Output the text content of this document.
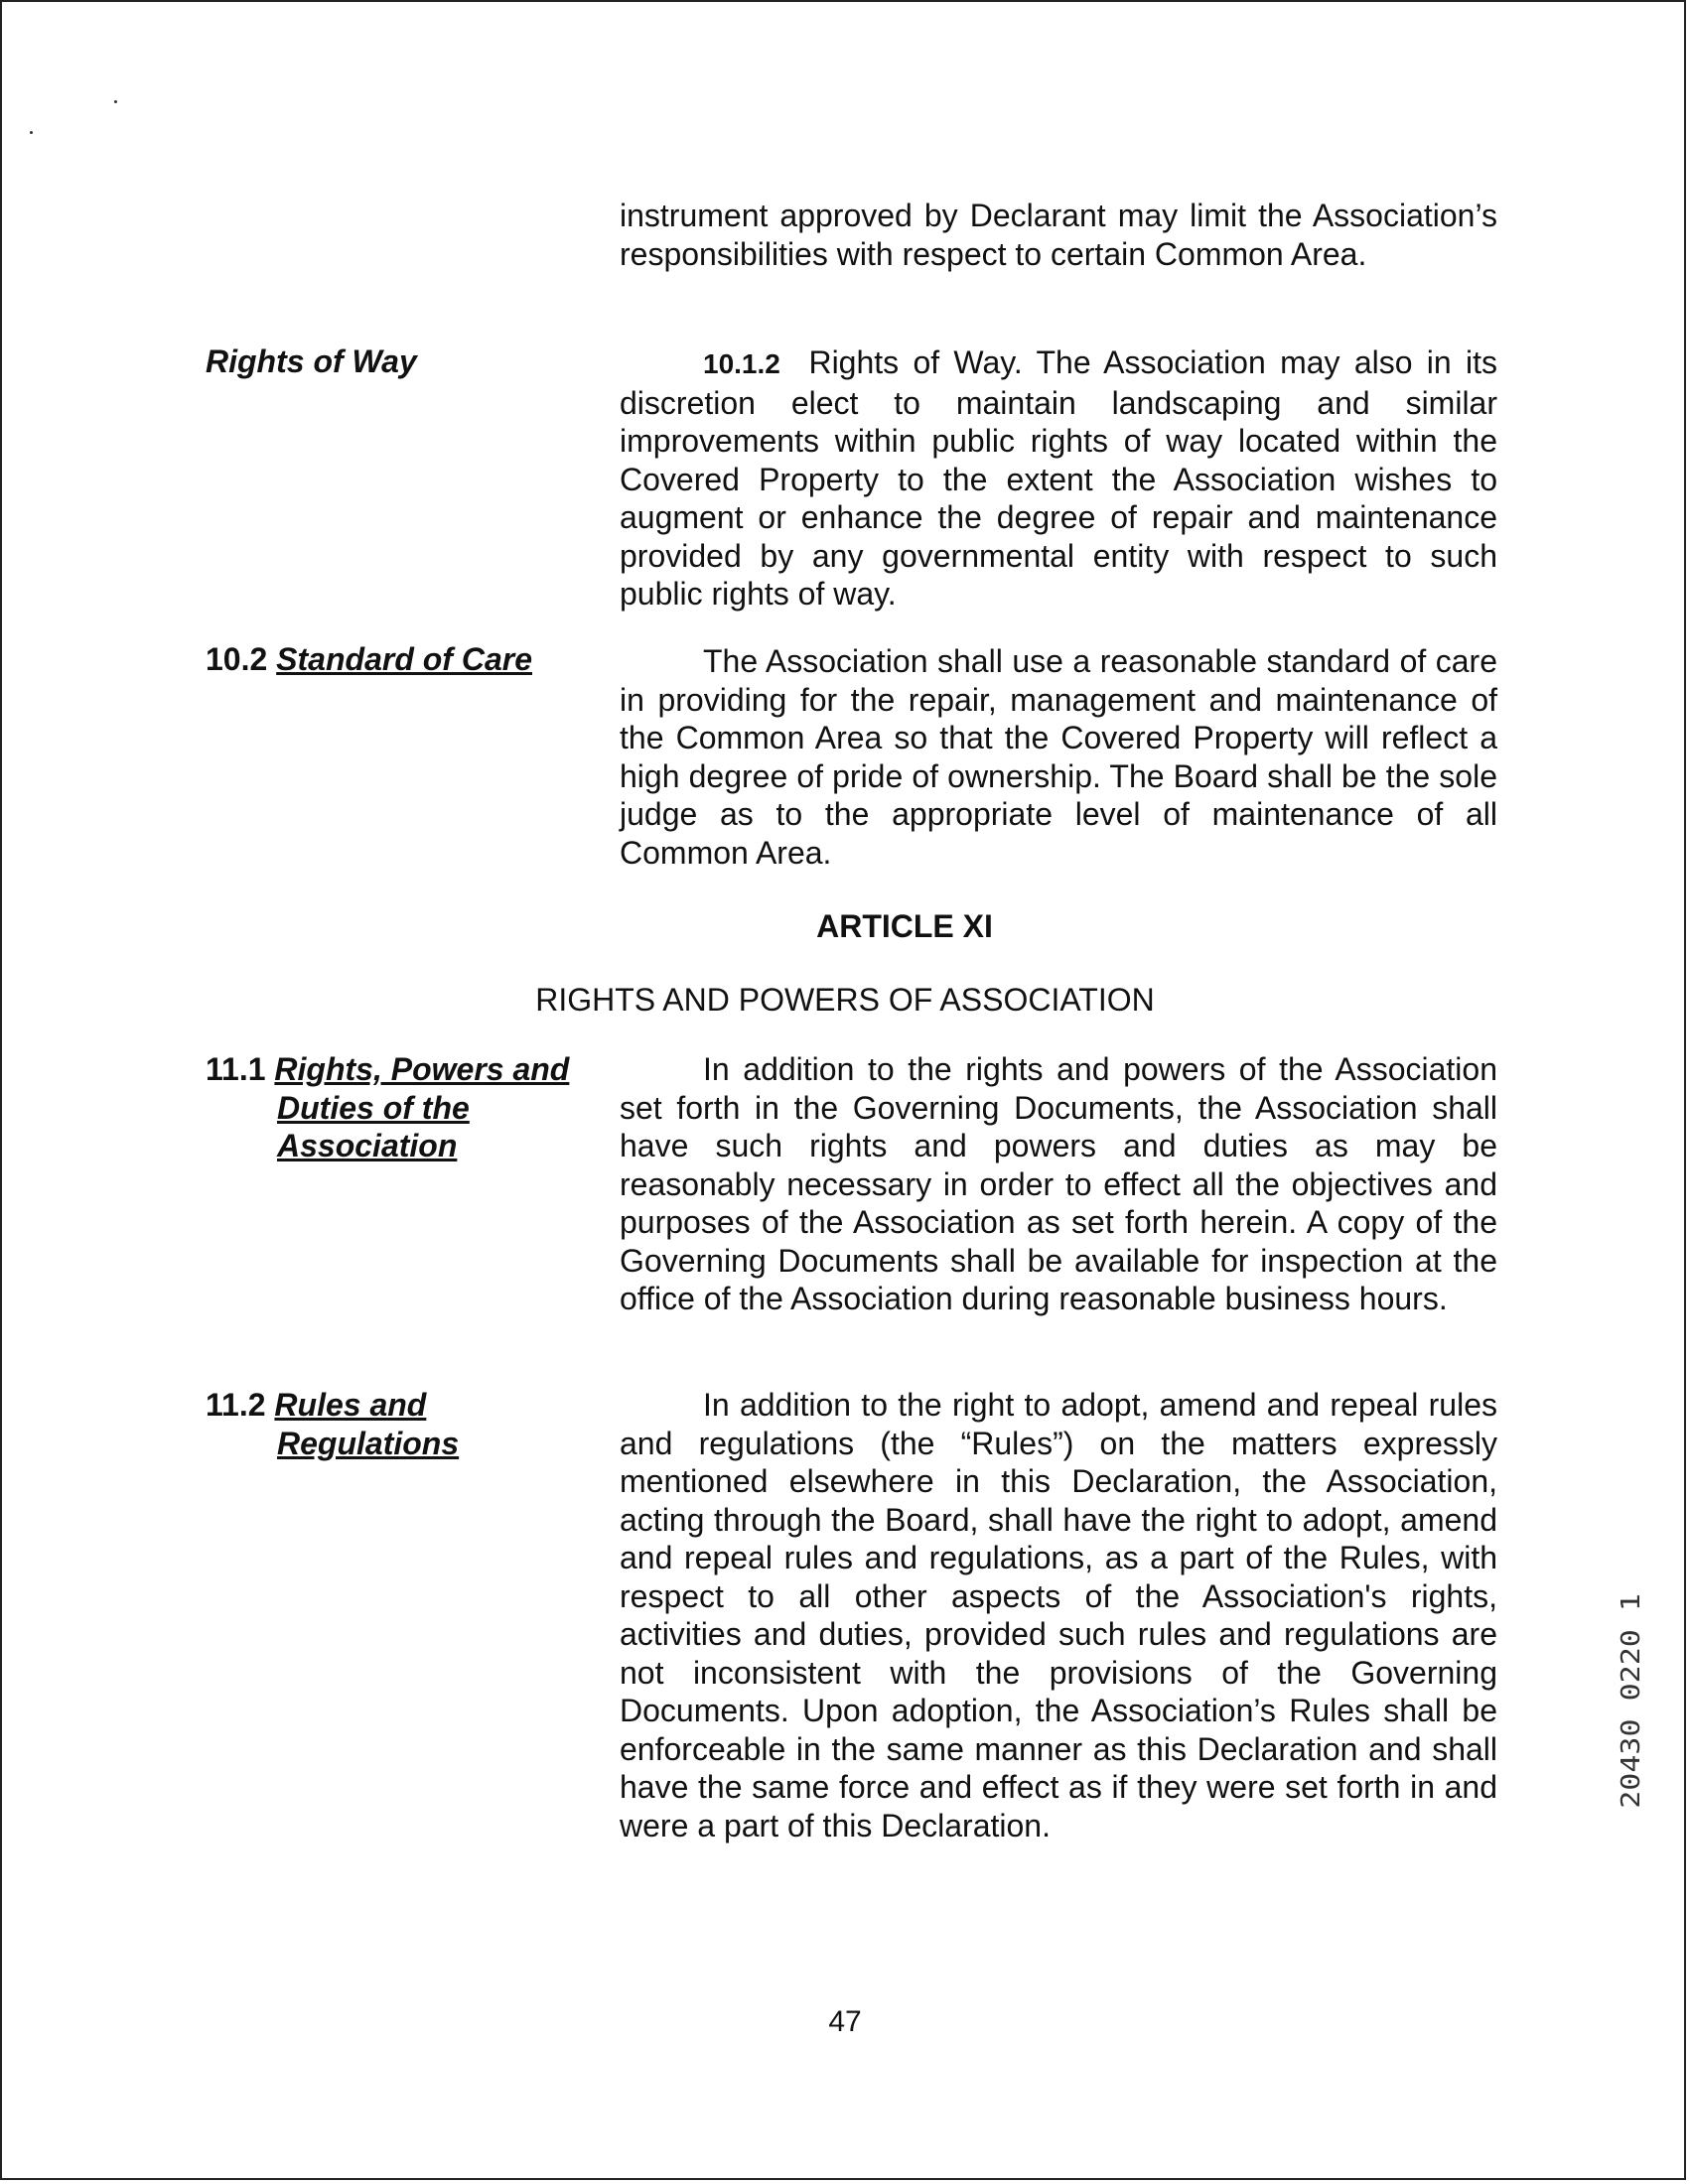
instrument approved by Declarant may limit the Association’s responsibilities with respect to certain Common Area.
Rights of Way	10.1.2 Rights of Way. The Association may also in its discretion elect to maintain landscaping and similar improvements within public rights of way located within the Covered Property to the extent the Association wishes to augment or enhance the degree of repair and maintenance provided by any governmental entity with respect to such public rights of way.
10.2 Standard of Care	The Association shall use a reasonable standard of care in providing for the repair, management and maintenance of the Common Area so that the Covered Property will reflect a high degree of pride of ownership. The Board shall be the sole judge as to the appropriate level of maintenance of all Common Area.
ARTICLE XI
RIGHTS AND POWERS OF ASSOCIATION
11.1 Rights, Powers and
Duties of the
Association
In addition to the rights and powers of the Association set forth in the Governing Documents, the Association shall have such rights and powers and duties as may be reasonably necessary in order to effect all the objectives and purposes of the Association as set forth herein. A copy of the Governing Documents shall be available for inspection at the office of the Association during reasonable business hours.
11.2 Rules and
Regulations
In addition to the right to adopt, amend and repeal rules and regulations (the “Rules”) on the matters expressly mentioned elsewhere in this Declaration, the Association, acting through the Board, shall have the right to adopt, amend and repeal rules and regulations, as a part of the Rules, with respect to all other aspects of the Association's rights, activities and duties, provided such rules and regulations are not inconsistent with the provisions of the Governing Documents. Upon adoption, the Association’s Rules shall be enforceable in the same manner as this Declaration and shall have the same force and effect as if they were set forth in and were a part of this Declaration.
20430 0220 1
47
